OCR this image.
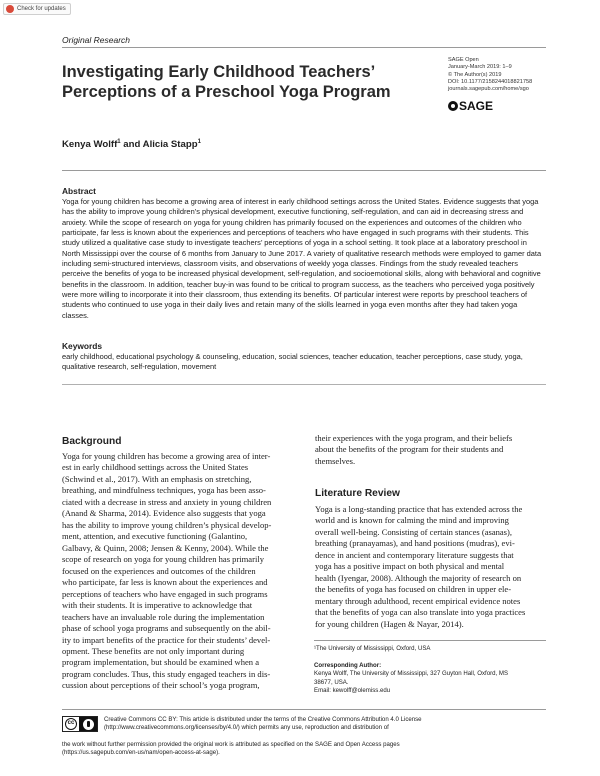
Check for updates
Original Research
Investigating Early Childhood Teachers’
Perceptions of a Preschool Yoga Program
SAGE Open
January-March 2019: 1–9
© The Author(s) 2019
DOI: 10.1177/2158244018821758
journals.sagepub.com/home/sgo
SAGE
Kenya Wolff$^1$ and Alicia Stapp$^1$
Abstract
Yoga for young children has become a growing area of interest in early childhood settings across the United States. Evidence suggests that yoga has the ability to improve young children’s physical development, executive functioning, self-regulation, and can aid in decreasing stress and anxiety. While the scope of research on yoga for young children has primarily focused on the experiences and outcomes of the children who participate, far less is known about the experiences and perceptions of teachers who have engaged in such programs with their students. This study utilized a qualitative case study to investigate teachers’ perceptions of yoga in a school setting. It took place at a laboratory preschool in North Mississippi over the course of 6 months from January to June 2017. A variety of qualitative research methods were employed to gamer data including semi-structured interviews, classroom visits, and observations of weekly yoga classes. Findings from the study revealed teachers perceive the benefits of yoga to be increased physical development, self-regulation, and socioemotional skills, along with behavioral and cognitive benefits in the classroom. In addition, teacher buy-in was found to be critical to program success, as the teachers who perceived yoga positively were more willing to incorporate it into their classroom, thus extending its benefits. Of particular interest were reports by preschool teachers of students who continued to use yoga in their daily lives and retain many of the skills learned in yoga even months after they had taken yoga classes.
Keywords
early childhood, educational psychology & counseling, education, social sciences, teacher education, teacher perceptions, case study, yoga, qualitative research, self-regulation, movement
Background
Yoga for young children has become a growing area of inter-
est in early childhood settings across the United States
(Schwind et al., 2017). With an emphasis on stretching,
breathing, and mindfulness techniques, yoga has been asso-
ciated with a decrease in stress and anxiety in young children
(Anand & Sharma, 2014). Evidence also suggests that yoga
has the ability to improve young children’s physical develop-
ment, attention, and executive functioning (Galantino,
Galbavy, & Quinn, 2008; Jensen & Kenny, 2004). While the
scope of research on yoga for young children has primarily
focused on the experiences and outcomes of the children
who participate, far less is known about the experiences and
perceptions of teachers who have engaged in such programs
with their students. It is imperative to acknowledge that
teachers have an invaluable role during the implementation
phase of school yoga programs and subsequently on the abil-
ity to impart benefits of the practice for their students’ devel-
opment. These benefits are not only important during
program implementation, but should be examined when a
program concludes. Thus, this study engaged teachers in dis-
cussion about perceptions of their school’s yoga program,
their experiences with the yoga program, and their beliefs
about the benefits of the program for their students and
themselves.
Literature Review
Yoga is a long-standing practice that has extended across the
world and is known for calming the mind and improving
overall well-being. Consisting of certain stances (asanas),
breathing (pranayamas), and hand positions (mudras), evi-
dence in ancient and contemporary literature suggests that
yoga has a positive impact on both physical and mental
health (Iyengar, 2008). Although the majority of research on
the benefits of yoga has focused on children in upper ele-
mentary through adulthood, recent empirical evidence notes
that the benefits of yoga can also translate into yoga practices
for young children (Hagen & Nayar, 2014).
¹The University of Mississippi, Oxford, USA
Corresponding Author:
Kenya Wolff, The University of Mississippi, 327 Guyton Hall, Oxford, MS
38677, USA.
Email: kewolff@olemiss.edu
cc	Creative Commons CC BY: This article is distributed under the terms of the Creative Commons Attribution 4.0 License
(http://www.creativecommons.org/licenses/by/4.0/) which permits any use, reproduction and distribution of
the work without further permission provided the original work is attributed as specified on the SAGE and Open Access pages
(https://us.sagepub.com/en-us/nam/open-access-at-sage).
